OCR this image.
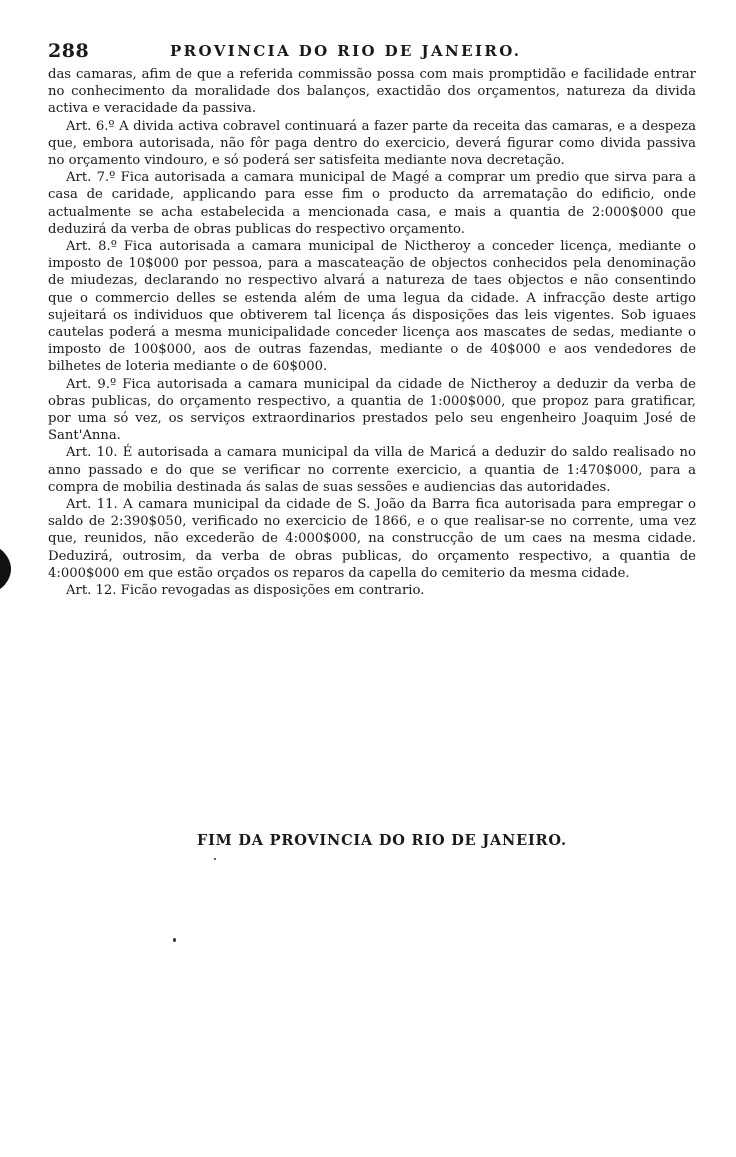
288	PROVINCIA DO RIO DE JANEIRO.

das camaras, afim de que a referida commissão possa com mais promptidão e facilidade entrar no conhecimento da moralidade dos balanços, exactidão dos orçamentos, natureza da divida activa e veracidade da passiva.

Art. 6.º A divida activa cobravel continuará a fazer parte da receita das camaras, e a despeza que, embora autorisada, não fôr paga dentro do exercicio, deverá figurar como divida passiva no orçamento vindouro, e só poderá ser satisfeita mediante nova decretação.

Art. 7.º Fica autorisada a camara municipal de Magé a comprar um predio que sirva para a casa de caridade, applicando para esse fim o producto da arrematação do edificio, onde actualmente se acha estabelecida a mencionada casa, e mais a quantia de 2:000$000 que deduzirá da verba de obras publicas do respectivo orçamento.

Art. 8.º Fica autorisada a camara municipal de Nictheroy a conceder licença, mediante o imposto de 10$000 por pessoa, para a mascateação de objectos conhecidos pela denominação de miudezas, declarando no respectivo alvará a natureza de taes objectos e não consentindo que o commercio delles se estenda além de uma legua da cidade. A infracção deste artigo sujeitará os individuos que obtiverem tal licença ás disposições das leis vigentes. Sob iguaes cautelas poderá a mesma municipalidade conceder licença aos mascates de sedas, mediante o imposto de 100$000, aos de outras fazendas, mediante o de 40$000 e aos vendedores de bilhetes de loteria mediante o de 60$000.

Art. 9.º Fica autorisada a camara municipal da cidade de Nictheroy a deduzir da verba de obras publicas, do orçamento respectivo, a quantia de 1:000$000, que propoz para gratificar, por uma só vez, os serviços extraordinarios prestados pelo seu engenheiro Joaquim José de Sant'Anna.

Art. 10. É autorisada a camara municipal da villa de Maricá a deduzir do saldo realisado no anno passado e do que se verificar no corrente exercicio, a quantia de 1:470$000, para a compra de mobilia destinada ás salas de suas sessões e audiencias das autoridades.

Art. 11. A camara municipal da cidade de S. João da Barra fica autorisada para empregar o saldo de 2:390$050, verificado no exercicio de 1866, e o que realisar-se no corrente, uma vez que, reunidos, não excederão de 4:000$000, na construcção de um caes na mesma cidade. Deduzirá, outrosim, da verba de obras publicas, do orçamento respectivo, a quantia de 4:000$000 em que estão orçados os reparos da capella do cemiterio da mesma cidade.

Art. 12. Ficão revogadas as disposições em contrario.

FIM DA PROVINCIA DO RIO DE JANEIRO.
